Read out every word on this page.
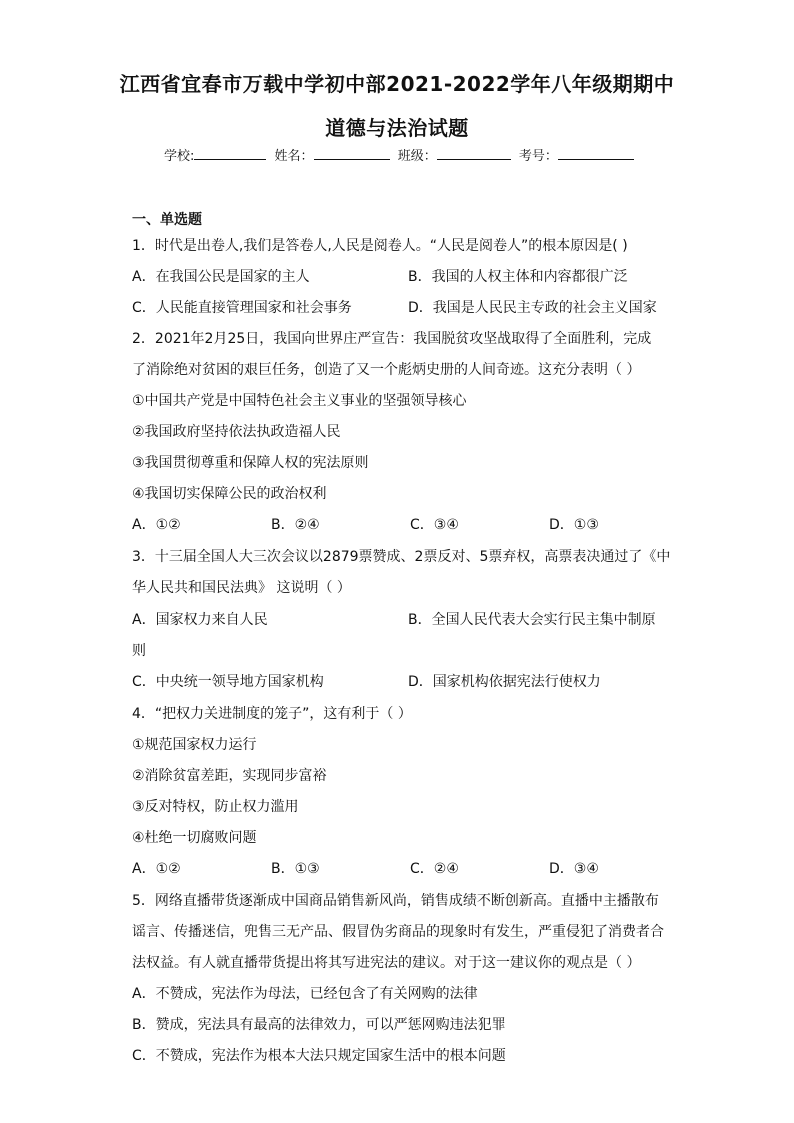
江西省宜春市万载中学初中部2021-2022学年八年级期期中
道德与法治试题
学校:	姓名：	班级：	考号：
一、单选题
1．时代是出卷人,我们是答卷人,人民是阅卷人。“人民是阅卷人”的根本原因是( )
A．在我国公民是国家的主人	B．我国的人权主体和内容都很广泛
C．人民能直接管理国家和社会事务	D．我国是人民民主专政的社会主义国家
2．2021年2月25日，我国向世界庄严宣告：我国脱贫攻坚战取得了全面胜利，完成
了消除绝对贫困的艰巨任务，创造了又一个彪炳史册的人间奇迹。这充分表明（ ）
①中国共产党是中国特色社会主义事业的坚强领导核心
②我国政府坚持依法执政造福人民
③我国贯彻尊重和保障人权的宪法原则
④我国切实保障公民的政治权利
A．①②	B．②④	C．③④	D．①③
3．十三届全国人大三次会议以2879票赞成、2票反对、5票弃权，高票表决通过了《中
华人民共和国民法典》 这说明（ ）
A．国家权力来自人民	B．全国人民代表大会实行民主集中制原
则
C．中央统一领导地方国家机构	D．国家机构依据宪法行使权力
4．“把权力关进制度的笼子”，这有利于（ ）
①规范国家权力运行
②消除贫富差距，实现同步富裕
③反对特权，防止权力滥用
④杜绝一切腐败问题
A．①②	B．①③	C．②④	D．③④
5．网络直播带货逐渐成中国商品销售新风尚，销售成绩不断创新高。直播中主播散布
谣言、传播迷信，兜售三无产品、假冒伪劣商品的现象时有发生，严重侵犯了消费者合
法权益。有人就直播带货提出将其写进宪法的建议。对于这一建议你的观点是（ ）
A．不赞成，宪法作为母法，已经包含了有关网购的法律
B．赞成，宪法具有最高的法律效力，可以严惩网购违法犯罪
C．不赞成，宪法作为根本大法只规定国家生活中的根本问题
